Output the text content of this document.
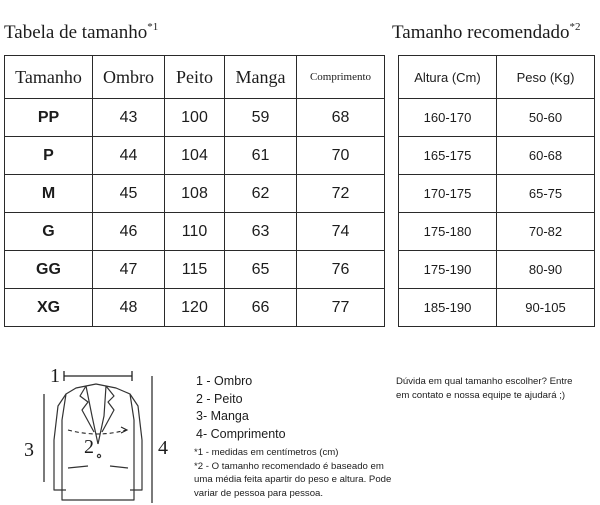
Tabela de tamanho$^{*1}$	Tamanho recomendado$^{*2}$
Tamanho	Ombro	Peito	Manga	Comprimento
PP	43	100	59	68
P	44	104	61	70
M	45	108	62	72
G	46	110	63	74
GG	47	115	65	76
XG	48	120	66	77
Altura (Cm)	Peso (Kg)
160-170	50-60
165-175	60-68
170-175	65-75
175-180	70-82
175-190	80-90
185-190	90-105
1
2
3	4
1 - Ombro
2 - Peito
3- Manga
4- Comprimento
*1 - medidas em centímetros (cm)
*2 - O tamanho recomendado é baseado em
uma média feita apartir do peso e altura. Pode
variar de pessoa para pessoa.
Dúvida em qual tamanho escolher? Entre
em contato e nossa equipe te ajudará ;)
